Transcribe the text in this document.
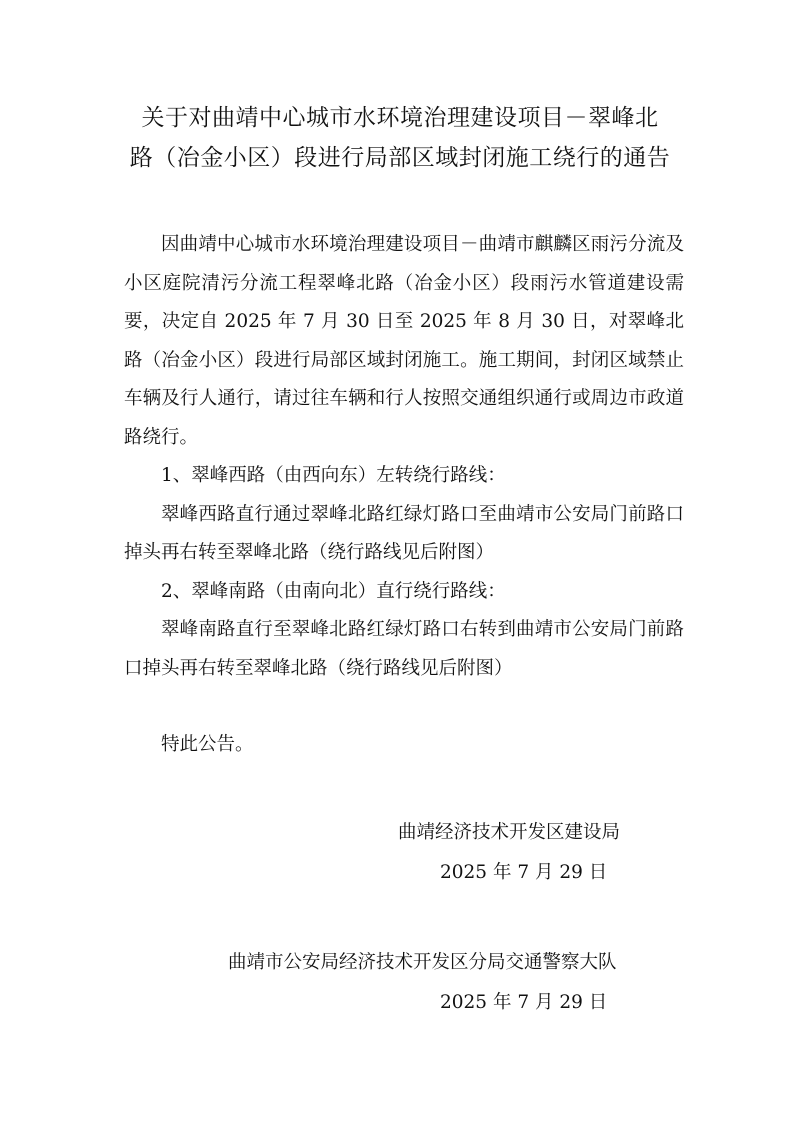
关于对曲靖中心城市水环境治理建设项目－翠峰北
路（冶金小区）段进行局部区域封闭施工绕行的通告

因曲靖中心城市水环境治理建设项目－曲靖市麒麟区雨污分流及小区庭院清污分流工程翠峰北路（冶金小区）段雨污水管道建设需要，决定自 2025 年 7 月 30 日至 2025 年 8 月 30 日，对翠峰北路（冶金小区）段进行局部区域封闭施工。施工期间，封闭区域禁止车辆及行人通行，请过往车辆和行人按照交通组织通行或周边市政道路绕行。

1、翠峰西路（由西向东）左转绕行路线：

翠峰西路直行通过翠峰北路红绿灯路口至曲靖市公安局门前路口掉头再右转至翠峰北路（绕行路线见后附图）

2、翠峰南路（由南向北）直行绕行路线：

翠峰南路直行至翠峰北路红绿灯路口右转到曲靖市公安局门前路口掉头再右转至翠峰北路（绕行路线见后附图）

特此公告。

曲靖经济技术开发区建设局
2025 年 7 月 29 日
曲靖市公安局经济技术开发区分局交通警察大队
2025 年 7 月 29 日
